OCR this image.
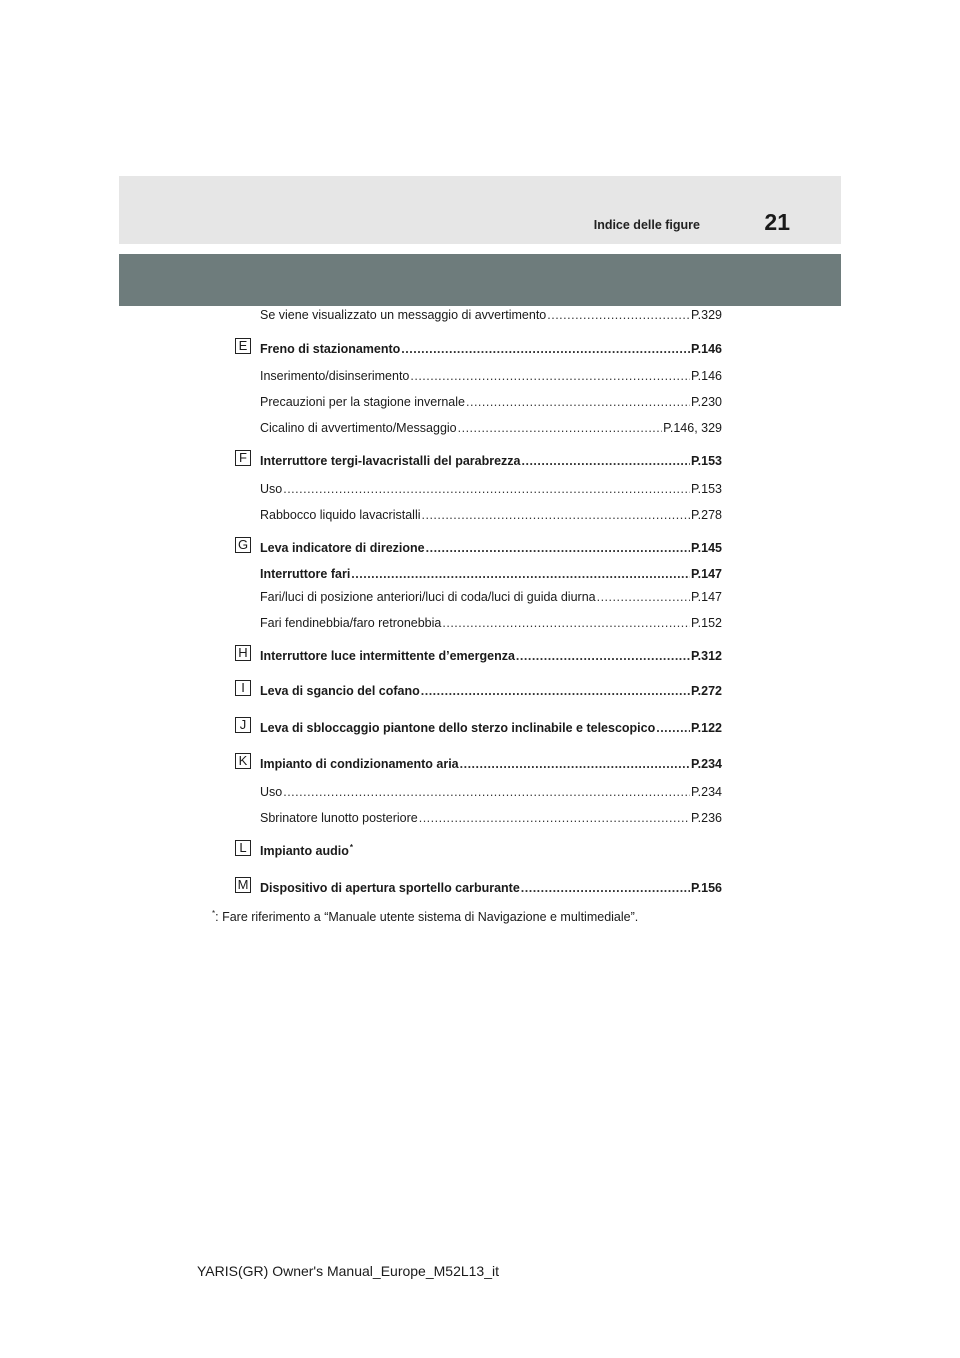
Indice delle figure	21
Se viene visualizzato un messaggio di avvertimento .....	P.329
E Freno di stazionamento .....	P.146
Inserimento/disinserimento .....	P.146
Precauzioni per la stagione invernale .....	P.230
Cicalino di avvertimento/Messaggio .....	P.146, 329
F	Interruttore tergi-lavacristalli del parabrezza .....	P.153
Uso .....	P.153
Rabbocco liquido lavacristalli .....	P.278
G Leva indicatore di direzione .....	P.145
Interruttore fari .....	P.147
Fari/luci di posizione anteriori/luci di coda/luci di guida diurna .....	P.147
Fari fendinebbia/faro retronebbia .....	P.152
H Interruttore luce intermittente d’emergenza .....	P.312
I	Leva di sgancio del cofano .....	P.272
J	Leva di sbloccaggio piantone dello sterzo inclinabile e telescopico .....	P.122
K Impianto di condizionamento aria .....	P.234
Uso .....	P.234
Sbrinatore lunotto posteriore .....	P.236
L	Impianto audio*
M Dispositivo di apertura sportello carburante .....	P.156
*: Fare riferimento a “Manuale utente sistema di Navigazione e multimediale”.
YARIS(GR) Owner's Manual_Europe_M52L13_it
